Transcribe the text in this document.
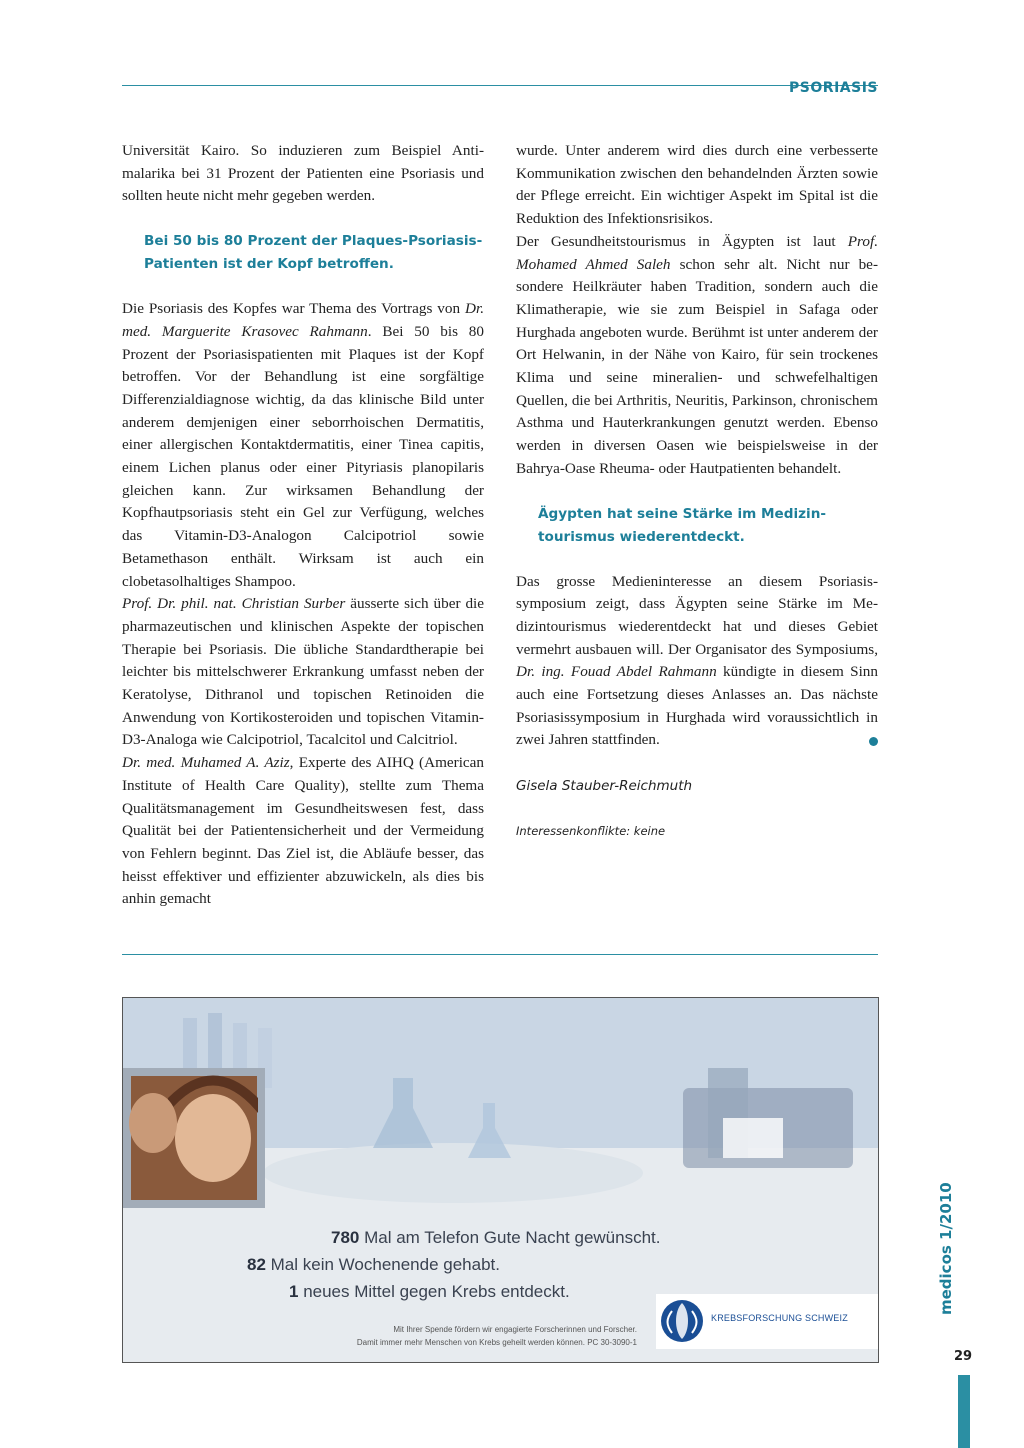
PSORIASIS

Universität Kairo. So induzieren zum Beispiel Antimalarika bei 31 Prozent der Patienten eine Psoriasis und sollten heute nicht mehr gegeben werden.

Bei 50 bis 80 Prozent der Plaques-Psoriasis-Patienten ist der Kopf betroffen.

Die Psoriasis des Kopfes war Thema des Vortrags von Dr. med. Marguerite Krasovec Rahmann. Bei 50 bis 80 Prozent der Psoriasispatienten mit Plaques ist der Kopf betroffen. Vor der Behandlung ist eine sorgfältige Differenzialdiagnose wichtig, da das klinische Bild unter anderem demjenigen einer seborrhoischen Dermatitis, einer allergischen Kontaktdermatitis, einer Tinea capitis, einem Lichen planus oder einer Pityriasis planopilaris gleichen kann. Zur wirksamen Behandlung der Kopfhautpsoriasis steht ein Gel zur Verfügung, welches das Vitamin-D3-Analogon Calcipotriol sowie Betamethason enthält. Wirksam ist auch ein clobetasolhaltiges Shampoo.

Prof. Dr. phil. nat. Christian Surber äusserte sich über die pharmazeutischen und klinischen Aspekte der topischen Therapie bei Psoriasis. Die übliche Standardtherapie bei leichter bis mittelschwerer Erkrankung umfasst neben der Keratolyse, Dithranol und topischen Retinoiden die Anwendung von Kortikosteroiden und topischen Vitamin-D3-Analoga wie Calcipotriol, Tacalcitol und Calcitriol.

Dr. med. Muhamed A. Aziz, Experte des AIHQ (American Institute of Health Care Quality), stellte zum Thema Qualitätsmanagement im Gesundheitswesen fest, dass Qualität bei der Patientensicherheit und der Vermeidung von Fehlern beginnt. Das Ziel ist, die Abläufe besser, das heisst effektiver und effizienter abzuwickeln, als dies bis anhin gemacht

wurde. Unter anderem wird dies durch eine verbesserte Kommunikation zwischen den behandelnden Ärzten sowie der Pflege erreicht. Ein wichtiger Aspekt im Spital ist die Reduktion des Infektionsrisikos.

Der Gesundheitstourismus in Ägypten ist laut Prof. Mohamed Ahmed Saleh schon sehr alt. Nicht nur besondere Heilkräuter haben Tradition, sondern auch die Klimatherapie, wie sie zum Beispiel in Safaga oder Hurghada angeboten wurde. Berühmt ist unter anderem der Ort Helwanin, in der Nähe von Kairo, für sein trockenes Klima und seine mineralien- und schwefelhaltigen Quellen, die bei Arthritis, Neuritis, Parkinson, chronischem Asthma und Hauterkrankungen genutzt werden. Ebenso werden in diversen Oasen wie beispielsweise in der Bahrya-Oase Rheuma- oder Hautpatienten behandelt.

Ägypten hat seine Stärke im Medizintourismus wiederentdeckt.

Das grosse Medieninteresse an diesem Psoriasissymposium zeigt, dass Ägypten seine Stärke im Medizintourismus wiederentdeckt hat und dieses Gebiet vermehrt ausbauen will. Der Organisator des Symposiums, Dr. ing. Fouad Abdel Rahmann kündigte in diesem Sinn auch eine Fortsetzung dieses Anlasses an. Das nächste Psoriasissymposium in Hurghada wird voraussichtlich in zwei Jahren stattfinden.

Gisela Stauber-Reichmuth

Interessenkonflikte: keine

780 Mal am Telefon Gute Nacht gewünscht.
82 Mal kein Wochenende gehabt.
1 neues Mittel gegen Krebs entdeckt.
Mit Ihrer Spende fördern wir engagierte Forscherinnen und Forscher.
Damit immer mehr Menschen von Krebs geheilt werden können. PC 30-3090-1
KREBSFORSCHUNG SCHWEIZ
medicos 1/2010
29
